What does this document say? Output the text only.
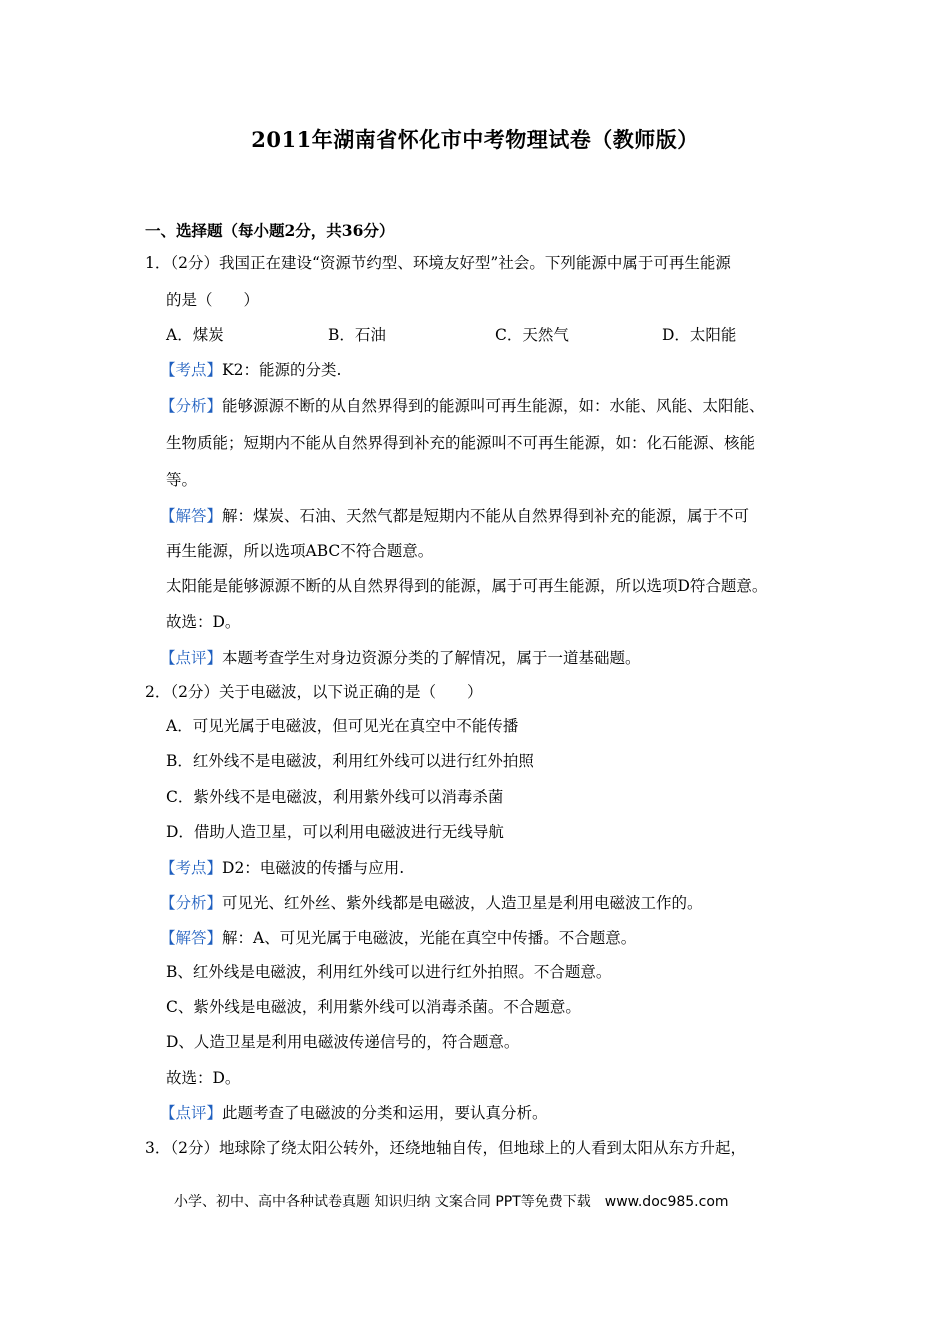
2011年湖南省怀化市中考物理试卷（教师版）
一、选择题（每小题2分，共36分）
1．（2分）我国正在建设“资源节约型、环境友好型”社会。下列能源中属于可再生能源
的是（　　）
A．煤炭	B．石油	C．天然气	D．太阳能
【考点】K2：能源的分类.
【分析】能够源源不断的从自然界得到的能源叫可再生能源，如：水能、风能、太阳能、
生物质能；短期内不能从自然界得到补充的能源叫不可再生能源，如：化石能源、核能
等。
【解答】解：煤炭、石油、天然气都是短期内不能从自然界得到补充的能源，属于不可
再生能源，所以选项ABC不符合题意。
太阳能是能够源源不断的从自然界得到的能源，属于可再生能源，所以选项D符合题意。
故选：D。
【点评】本题考查学生对身边资源分类的了解情况，属于一道基础题。
2．（2分）关于电磁波，以下说正确的是（　　）
A．可见光属于电磁波，但可见光在真空中不能传播
B．红外线不是电磁波，利用红外线可以进行红外拍照
C．紫外线不是电磁波，利用紫外线可以消毒杀菌
D．借助人造卫星，可以利用电磁波进行无线导航
【考点】D2：电磁波的传播与应用.
【分析】可见光、红外丝、紫外线都是电磁波，人造卫星是利用电磁波工作的。
【解答】解：A、可见光属于电磁波，光能在真空中传播。不合题意。
B、红外线是电磁波，利用红外线可以进行红外拍照。不合题意。
C、紫外线是电磁波，利用紫外线可以消毒杀菌。不合题意。
D、人造卫星是利用电磁波传递信号的，符合题意。
故选：D。
【点评】此题考查了电磁波的分类和运用，要认真分析。
3．（2分）地球除了绕太阳公转外，还绕地轴自传，但地球上的人看到太阳从东方升起，
小学、初中、高中各种试卷真题 知识归纳 文案合同 PPT等免费下载　www.doc985.com
